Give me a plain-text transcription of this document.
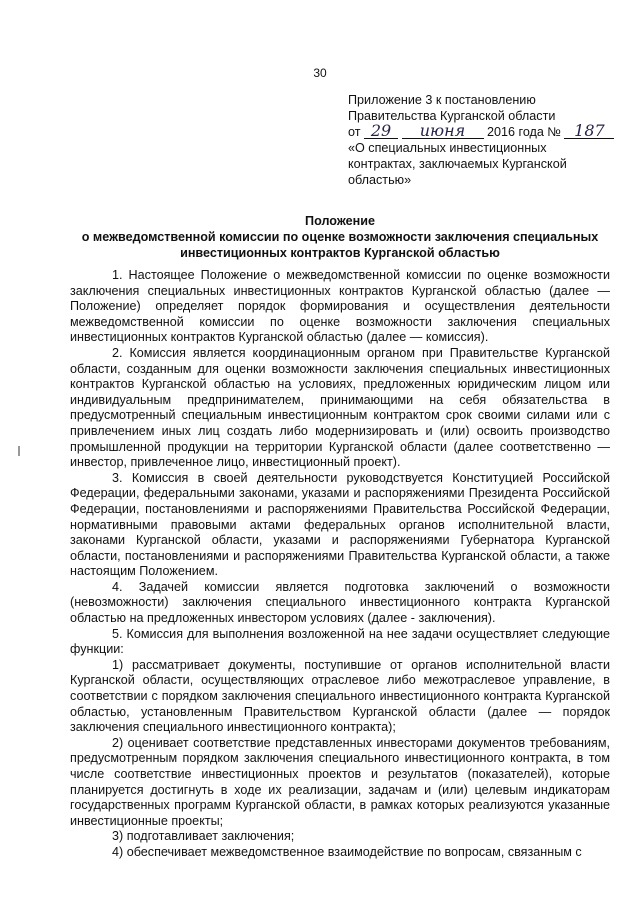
30
Приложение 3 к постановлению
Правительства Курганской области
от 29 июня 2016 года № 187
«О специальных инвестиционных контрактах, заключаемых Курганской областью»
Положение
о межведомственной комиссии по оценке возможности заключения специальных инвестиционных контрактов Курганской областью

1. Настоящее Положение о межведомственной комиссии по оценке возможности заключения специальных инвестиционных контрактов Курганской областью (далее — Положение) определяет порядок формирования и осуществления деятельности межведомственной комиссии по оценке возможности заключения специальных инвестиционных контрактов Курганской областью (далее — комиссия).

2. Комиссия является координационным органом при Правительстве Курганской области, созданным для оценки возможности заключения специальных инвестиционных контрактов Курганской областью на условиях, предложенных юридическим лицом или индивидуальным предпринимателем, принимающими на себя обязательства в предусмотренный специальным инвестиционным контрактом срок своими силами или с привлечением иных лиц создать либо модернизировать и (или) освоить производство промышленной продукции на территории Курганской области (далее соответственно — инвестор, привлеченное лицо, инвестиционный проект).

3. Комиссия в своей деятельности руководствуется Конституцией Российской Федерации, федеральными законами, указами и распоряжениями Президента Российской Федерации, постановлениями и распоряжениями Правительства Российской Федерации, нормативными правовыми актами федеральных органов исполнительной власти, законами Курганской области, указами и распоряжениями Губернатора Курганской области, постановлениями и распоряжениями Правительства Курганской области, а также настоящим Положением.

4. Задачей комиссии является подготовка заключений о возможности (невозможности) заключения специального инвестиционного контракта Курганской областью на предложенных инвестором условиях (далее - заключения).

5. Комиссия для выполнения возложенной на нее задачи осуществляет следующие функции:

1) рассматривает документы, поступившие от органов исполнительной власти Курганской области, осуществляющих отраслевое либо межотраслевое управление, в соответствии с порядком заключения специального инвестиционного контракта Курганской областью, установленным Правительством Курганской области (далее — порядок заключения специального инвестиционного контракта);

2) оценивает соответствие представленных инвесторами документов требованиям, предусмотренным порядком заключения специального инвестиционного контракта, в том числе соответствие инвестиционных проектов и результатов (показателей), которые планируется достигнуть в ходе их реализации, задачам и (или) целевым индикаторам государственных программ Курганской области, в рамках которых реализуются указанные инвестиционные проекты;

3) подготавливает заключения;

4) обеспечивает межведомственное взаимодействие по вопросам, связанным с
